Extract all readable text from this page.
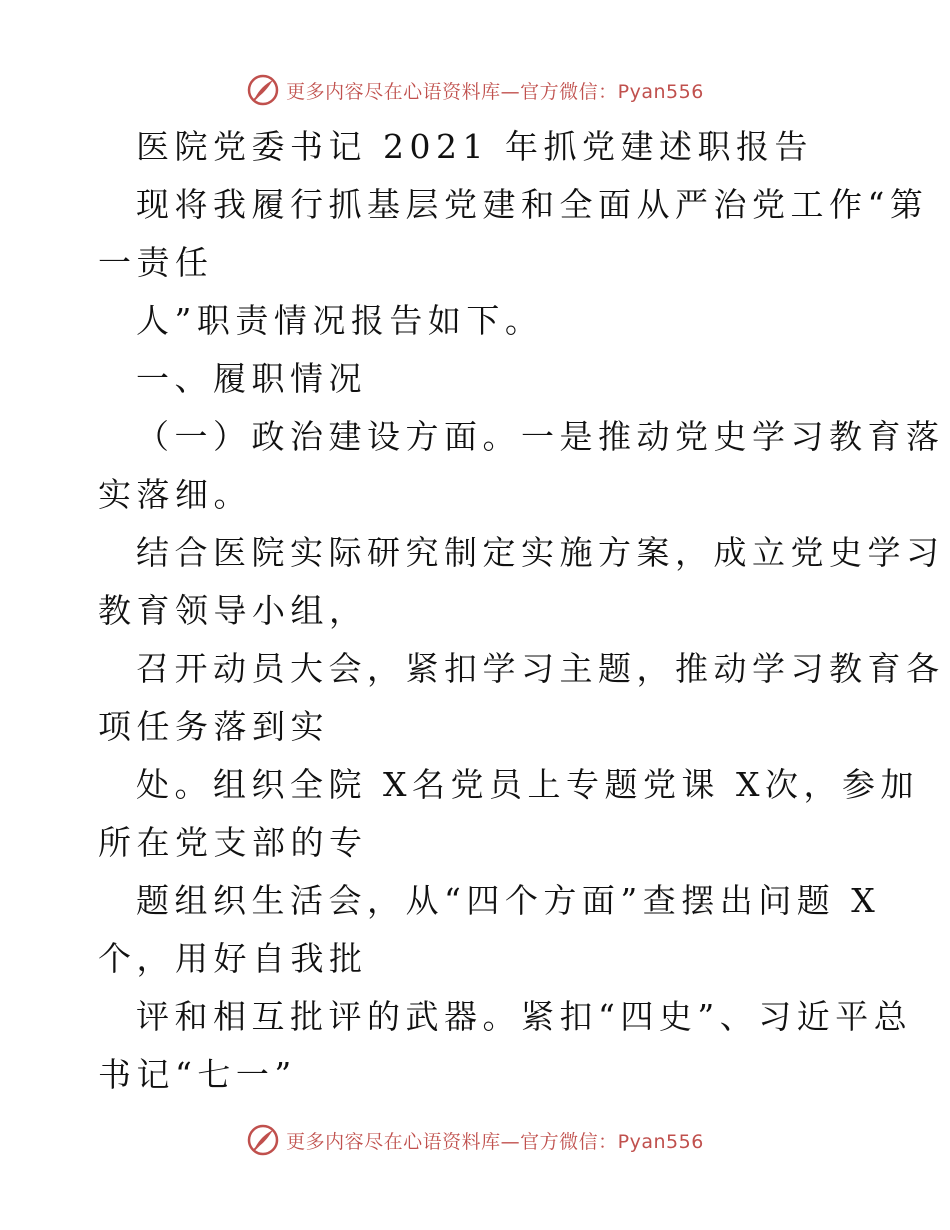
更多内容尽在心语资料库—官方微信：Pyan556
医院党委书记 2021 年抓党建述职报告
现将我履行抓基层党建和全面从严治党工作“第
一责任
人”职责情况报告如下。
一、履职情况
（一）政治建设方面。一是推动党史学习教育落
实落细。
结合医院实际研究制定实施方案，成立党史学习
教育领导小组，
召开动员大会，紧扣学习主题，推动学习教育各
项任务落到实
处。组织全院 X名党员上专题党课 X次，参加
所在党支部的专
题组织生活会，从“四个方面”查摆出问题 X
个，用好自我批
评和相互批评的武器。紧扣“四史”、习近平总
书记“七一”
更多内容尽在心语资料库—官方微信：Pyan556
